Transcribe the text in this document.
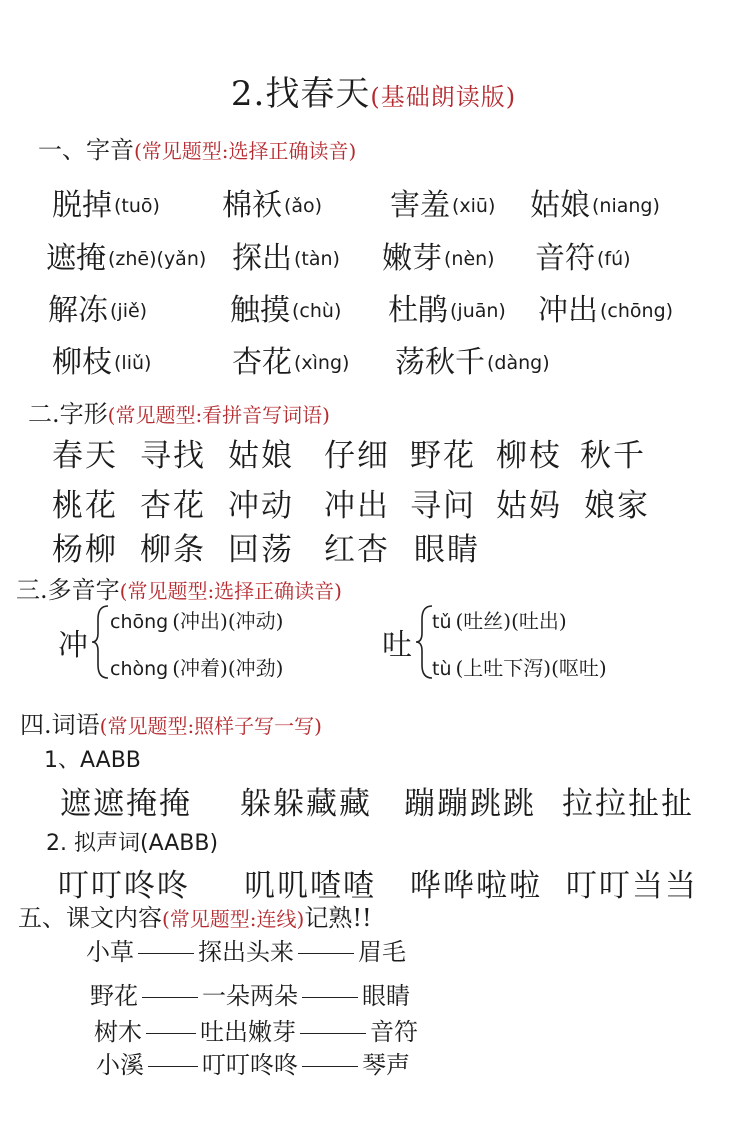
2.找春天(基础朗读版)
一、字音(常见题型:选择正确读音)
脱掉 (tuō) 棉袄 (ǎo) 害羞 (xiū) 姑娘 (niang)
遮掩 (zhē)(yǎn) 探出 (tàn) 嫩芽 (nèn) 音符 (fú)
解冻 (jiě)	触摸 (chù) 杜鹃 (juān) 冲出 (chōng)
柳枝 (liǔ)	杏花 (xìng) 荡秋千 (dàng)
二.字形(常见题型:看拼音写词语)
春天 寻找 姑娘 仔细 野花 柳枝 秋千
桃花 杏花 冲动 冲出 寻问 姑妈 娘家
杨柳 柳条 回荡 红杏 眼睛
三.多音字(常见题型:选择正确读音)
冲
chōng (冲出)(冲动)
chòng (冲着)(冲劲)
吐
tǔ (吐丝)(吐出)
tù (上吐下泻)(呕吐)
四.词语(常见题型:照样子写一写)
1、AABB
遮遮掩掩 躲躲藏藏 蹦蹦跳跳 拉拉扯扯
2. 拟声词(AABB)
叮叮咚咚 叽叽喳喳 哗哗啦啦 叮叮当当
五、课文内容(常见题型:连线)记熟!!
小草	探出头来	眉毛
野花	一朵两朵	眼睛
树木 吐出嫩芽	音符
小溪 叮叮咚咚	琴声
